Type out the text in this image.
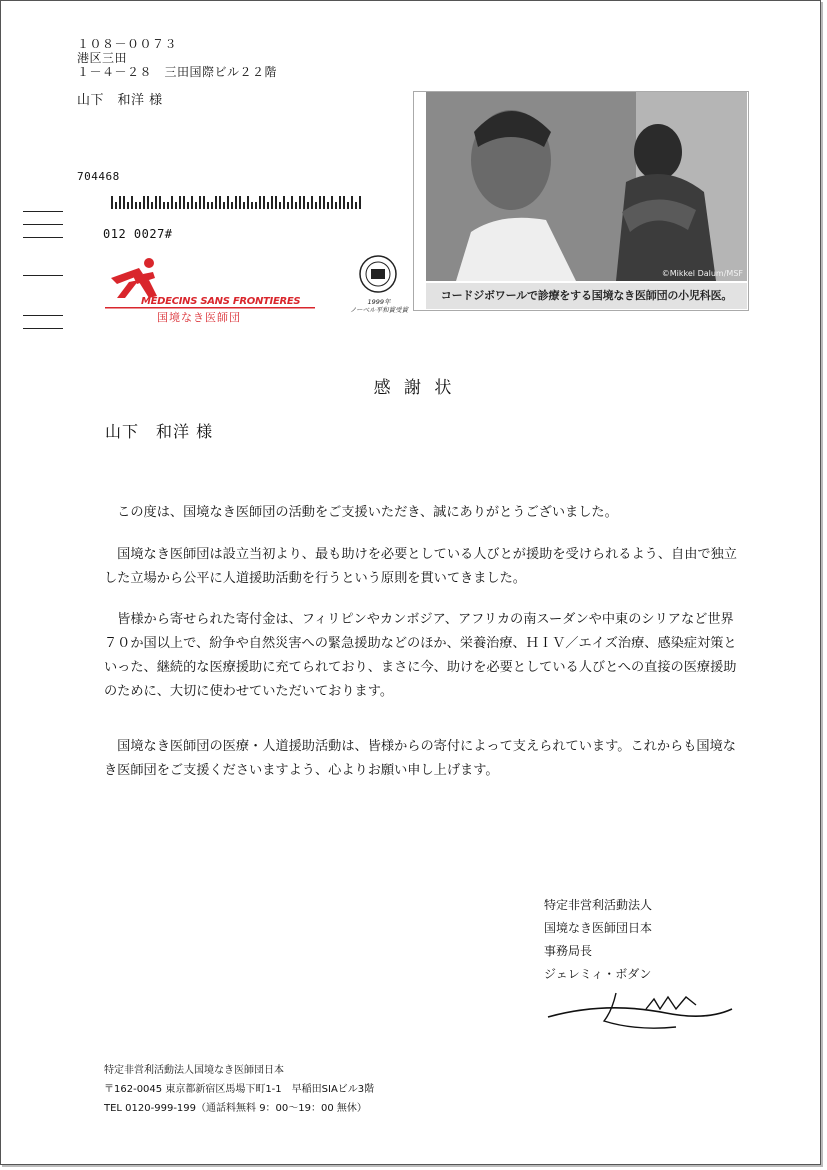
１０８－００７３
港区三田
１－４－２８　三田国際ビル２２階
山下　和洋 様
704468
012 0027#
MEDECINS SANS FRONTIERES
国境なき医師団
1999年
ノーベル平和賞受賞
©Mikkel Dalum/MSF
コードジボワールで診療をする国境なき医師団の小児科医。
感 謝 状
山下　和洋 様

　この度は、国境なき医師団の活動をご支援いただき、誠にありがとうございました。

　国境なき医師団は設立当初より、最も助けを必要としている人びとが援助を受けられるよう、自由で独立した立場から公平に人道援助活動を行うという原則を貫いてきました。

　皆様から寄せられた寄付金は、フィリピンやカンボジア、アフリカの南スーダンや中東のシリアなど世界７０か国以上で、紛争や自然災害への緊急援助などのほか、栄養治療、ＨＩＶ／エイズ治療、感染症対策といった、継続的な医療援助に充てられており、まさに今、助けを必要としている人びとへの直接の医療援助のために、大切に使わせていただいております。

　国境なき医師団の医療・人道援助活動は、皆様からの寄付によって支えられています。これからも国境なき医師団をご支援くださいますよう、心よりお願い申し上げます。

特定非営利活動法人
国境なき医師団日本
事務局長
ジェレミィ・ボダン
特定非営利活動法人国境なき医師団日本
〒162-0045 東京都新宿区馬場下町1-1　早稲田SIAビル3階
TEL 0120-999-199（通話料無料 9：00～19：00 無休）
